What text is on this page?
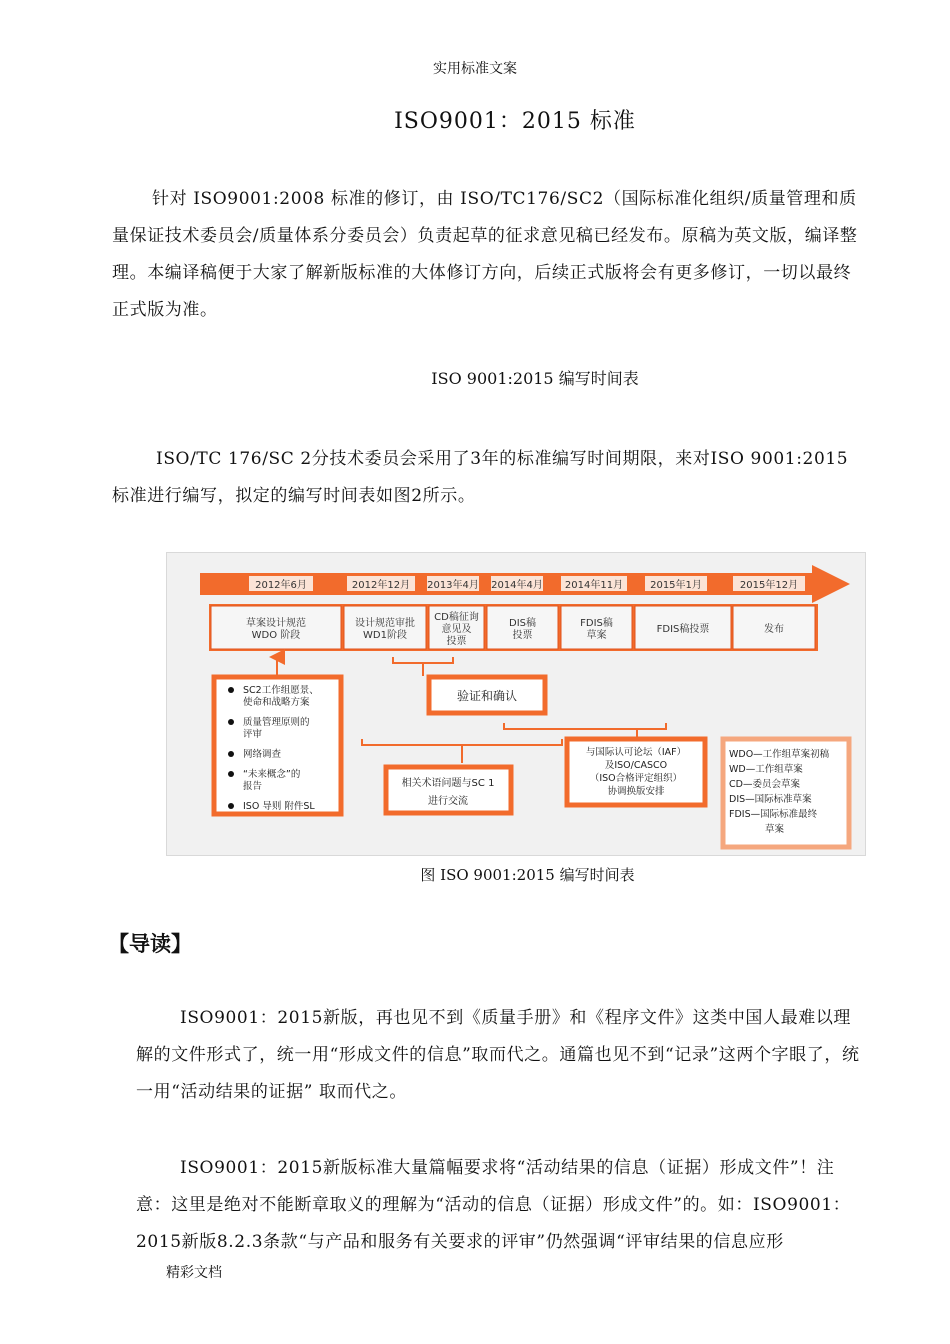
实用标准文案
ISO9001：2015 标准
针对 ISO9001:2008 标准的修订，由 ISO/TC176/SC2（国际标准化组织/质量管理和质量保证技术委员会/质量体系分委员会）负责起草的征求意见稿已经发布。原稿为英文版，编译整理。本编译稿便于大家了解新版标准的大体修订方向，后续正式版将会有更多修订，一切以最终正式版为准。
ISO 9001:2015 编写时间表
ISO/TC 176/SC 2分技术委员会采用了3年的标准编写时间期限，来对ISO 9001:2015 标准进行编写，拟定的编写时间表如图2所示。
2012年6月	2012年12月 2013年4月 2014年4月 2014年11月	2015年1月	2015年12月
草案设计规范
WDO 阶段
设计规范审批
WD1阶段
CD稿征询
意见及
投票
DIS稿
投票
FDIS稿
草案
FDIS稿投票	发布
验证和确认
SC2工作组愿景、
使命和战略方案
质量管理原则的
评审
网络调查
“未来概念”的
报告
ISO 导则 附件SL
相关术语问题与SC 1
进行交流
与国际认可论坛（IAF）
及ISO/CASCO
（ISO合格评定组织）
协调换版安排
WDO—工作组草案初稿
WD—工作组草案
CD—委员会草案
DIS—国际标准草案
FDIS—国际标准最终
草案
图 ISO 9001:2015 编写时间表
【导读】
ISO9001：2015新版，再也见不到《质量手册》和《程序文件》这类中国人最难以理解的文件形式了，统一用“形成文件的信息”取而代之。通篇也见不到“记录”这两个字眼了，统一用“活动结果的证据” 取而代之。
ISO9001：2015新版标准大量篇幅要求将“活动结果的信息（证据）形成文件”！注意：这里是绝对不能断章取义的理解为“活动的信息（证据）形成文件”的。如：ISO9001：2015新版8.2.3条款“与产品和服务有关要求的评审”仍然强调“评审结果的信息应形
精彩文档
